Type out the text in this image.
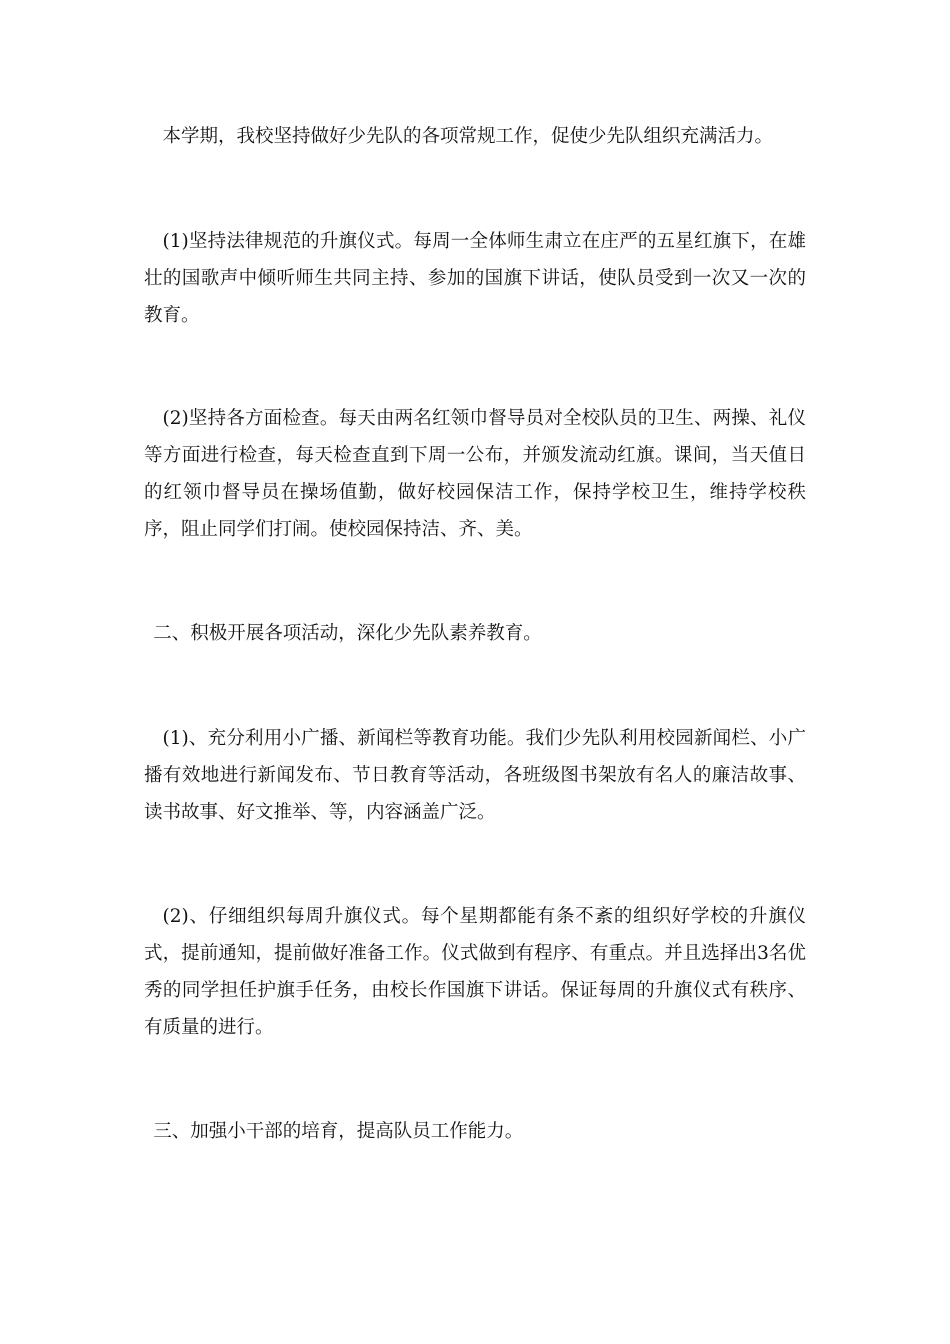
本学期，我校坚持做好少先队的各项常规工作，促使少先队组织充满活力。

(1)坚持法律规范的升旗仪式。每周一全体师生肃立在庄严的五星红旗下，在雄壮的国歌声中倾听师生共同主持、参加的国旗下讲话，使队员受到一次又一次的教育。

(2)坚持各方面检查。每天由两名红领巾督导员对全校队员的卫生、两操、礼仪等方面进行检查，每天检查直到下周一公布，并颁发流动红旗。课间，当天值日的红领巾督导员在操场值勤，做好校园保洁工作，保持学校卫生，维持学校秩序，阻止同学们打闹。使校园保持洁、齐、美。

二、积极开展各项活动，深化少先队素养教育。

(1)、充分利用小广播、新闻栏等教育功能。我们少先队利用校园新闻栏、小广播有效地进行新闻发布、节日教育等活动，各班级图书架放有名人的廉洁故事、读书故事、好文推举、等，内容涵盖广泛。

(2)、仔细组织每周升旗仪式。每个星期都能有条不紊的组织好学校的升旗仪式，提前通知，提前做好准备工作。仪式做到有程序、有重点。并且选择出3名优秀的同学担任护旗手任务，由校长作国旗下讲话。保证每周的升旗仪式有秩序、有质量的进行。

三、加强小干部的培育，提高队员工作能力。
